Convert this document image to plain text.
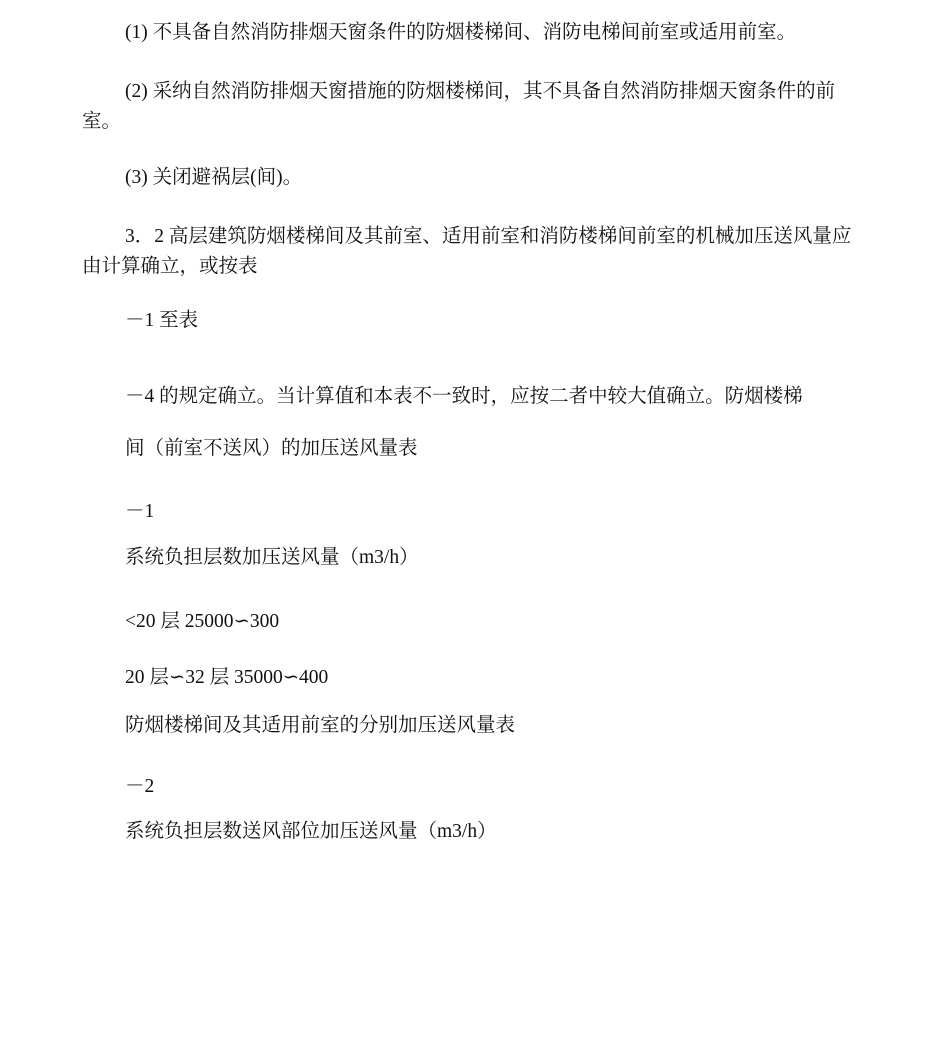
(1) 不具备自然消防排烟天窗条件的防烟楼梯间、消防电梯间前室或适用前室。

(2) 采纳自然消防排烟天窗措施的防烟楼梯间，其不具备自然消防排烟天窗条件的前室。

(3) 关闭避祸层(间)。

3．2 高层建筑防烟楼梯间及其前室、适用前室和消防楼梯间前室的机械加压送风量应由计算确立，或按表

－1 至表

－4 的规定确立。当计算值和本表不一致时，应按二者中较大值确立。防烟楼梯

间（前室不送风）的加压送风量表

－1

系统负担层数加压送风量（m3/h）

<20 层 25000∽300

20 层∽32 层 35000∽400

防烟楼梯间及其适用前室的分别加压送风量表

－2

系统负担层数送风部位加压送风量（m3/h）
